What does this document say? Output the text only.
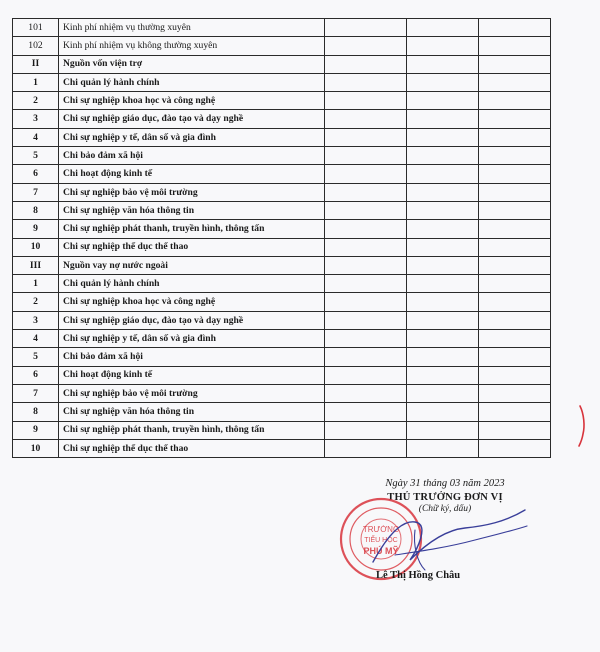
101	Kinh phí nhiệm vụ thường xuyên			
102	Kinh phí nhiệm vụ không thường xuyên			
II	Nguồn vốn viện trợ			
1	Chi quản lý hành chính			
2	Chi sự nghiệp khoa học và công nghệ			
3	Chi sự nghiệp giáo dục, đào tạo và dạy nghề			
4	Chi sự nghiệp y tế, dân số và gia đình			
5	Chi bảo đảm xã hội			
6	Chi hoạt động kinh tế			
7	Chi sự nghiệp bảo vệ môi trường			
8	Chi sự nghiệp văn hóa thông tin			
9	Chi sự nghiệp phát thanh, truyền hình, thông tấn			
10	Chi sự nghiệp thể dục thể thao			
III	Nguồn vay nợ nước ngoài			
1	Chi quản lý hành chính			
2	Chi sự nghiệp khoa học và công nghệ			
3	Chi sự nghiệp giáo dục, đào tạo và dạy nghề			
4	Chi sự nghiệp y tế, dân số và gia đình			
5	Chi bảo đảm xã hội			
6	Chi hoạt động kinh tế			
7	Chi sự nghiệp bảo vệ môi trường			
8	Chi sự nghiệp văn hóa thông tin			
9	Chi sự nghiệp phát thanh, truyền hình, thông tấn			
10	Chi sự nghiệp thể dục thể thao			
Ngày 31 tháng 03 năm 2023
THỦ TRƯỞNG ĐƠN VỊ
(Chữ ký, dấu)
TRƯỜNG
TIỂU HỌC
PHÚ MỸ
Lê Thị Hồng Châu
